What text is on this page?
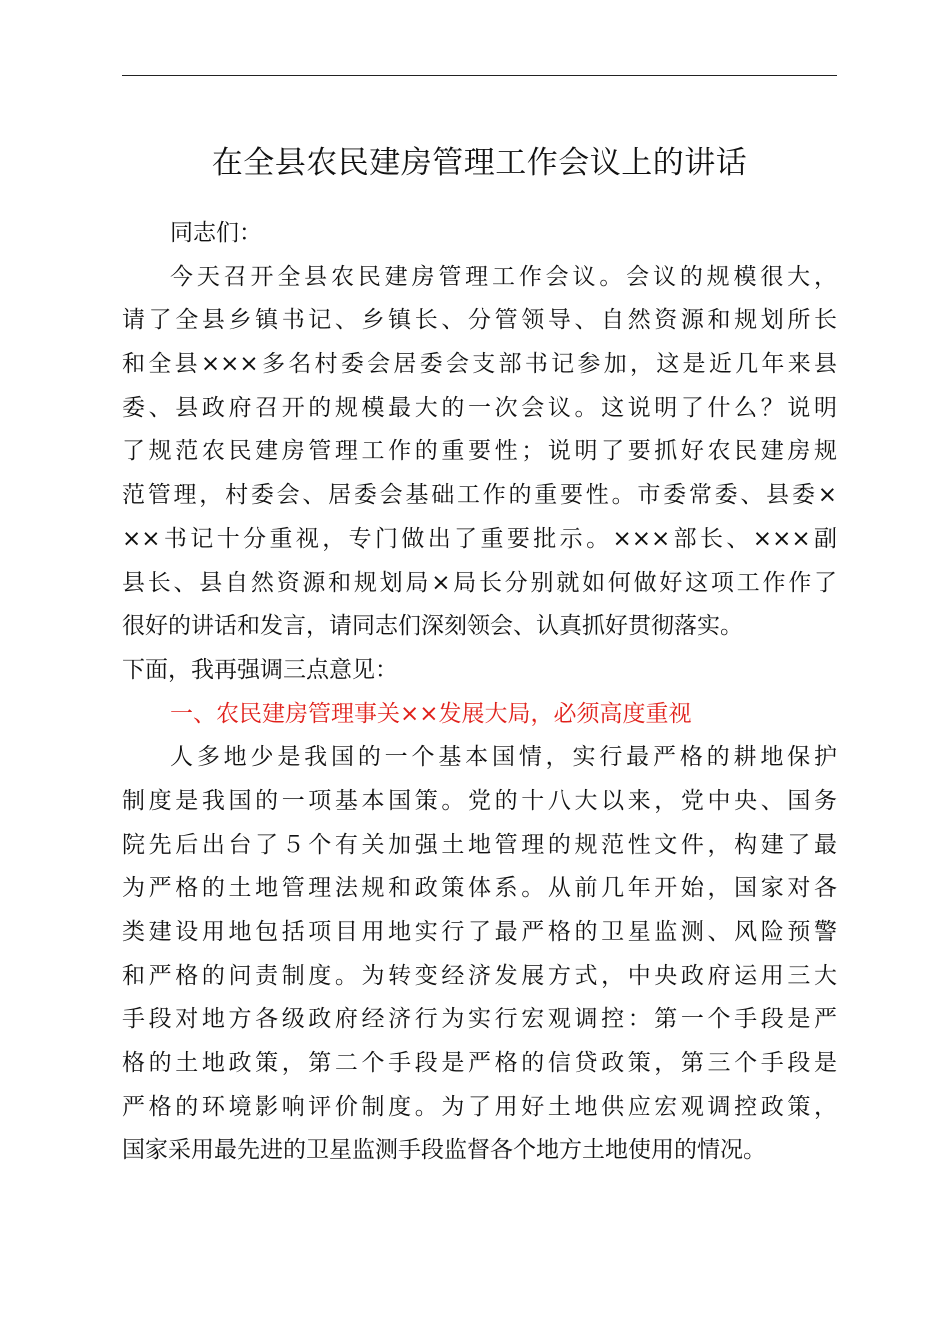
在全县农民建房管理工作会议上的讲话

同志们：

今天召开全县农民建房管理工作会议。会议的规模很大，

请了全县乡镇书记、乡镇长、分管领导、自然资源和规划所长

和全县×××多名村委会居委会支部书记参加，这是近几年来县

委、县政府召开的规模最大的一次会议。这说明了什么？说明

了规范农民建房管理工作的重要性；说明了要抓好农民建房规

范管理，村委会、居委会基础工作的重要性。市委常委、县委×

××书记十分重视，专门做出了重要批示。×××部长、×××副

县长、县自然资源和规划局×局长分别就如何做好这项工作作了

很好的讲话和发言，请同志们深刻领会、认真抓好贯彻落实。

下面，我再强调三点意见：

一、农民建房管理事关××发展大局，必须高度重视

人多地少是我国的一个基本国情，实行最严格的耕地保护

制度是我国的一项基本国策。党的十八大以来，党中央、国务

院先后出台了５个有关加强土地管理的规范性文件，构建了最

为严格的土地管理法规和政策体系。从前几年开始，国家对各

类建设用地包括项目用地实行了最严格的卫星监测、风险预警

和严格的问责制度。为转变经济发展方式，中央政府运用三大

手段对地方各级政府经济行为实行宏观调控：第一个手段是严

格的土地政策，第二个手段是严格的信贷政策，第三个手段是

严格的环境影响评价制度。为了用好土地供应宏观调控政策，

国家采用最先进的卫星监测手段监督各个地方土地使用的情况。
